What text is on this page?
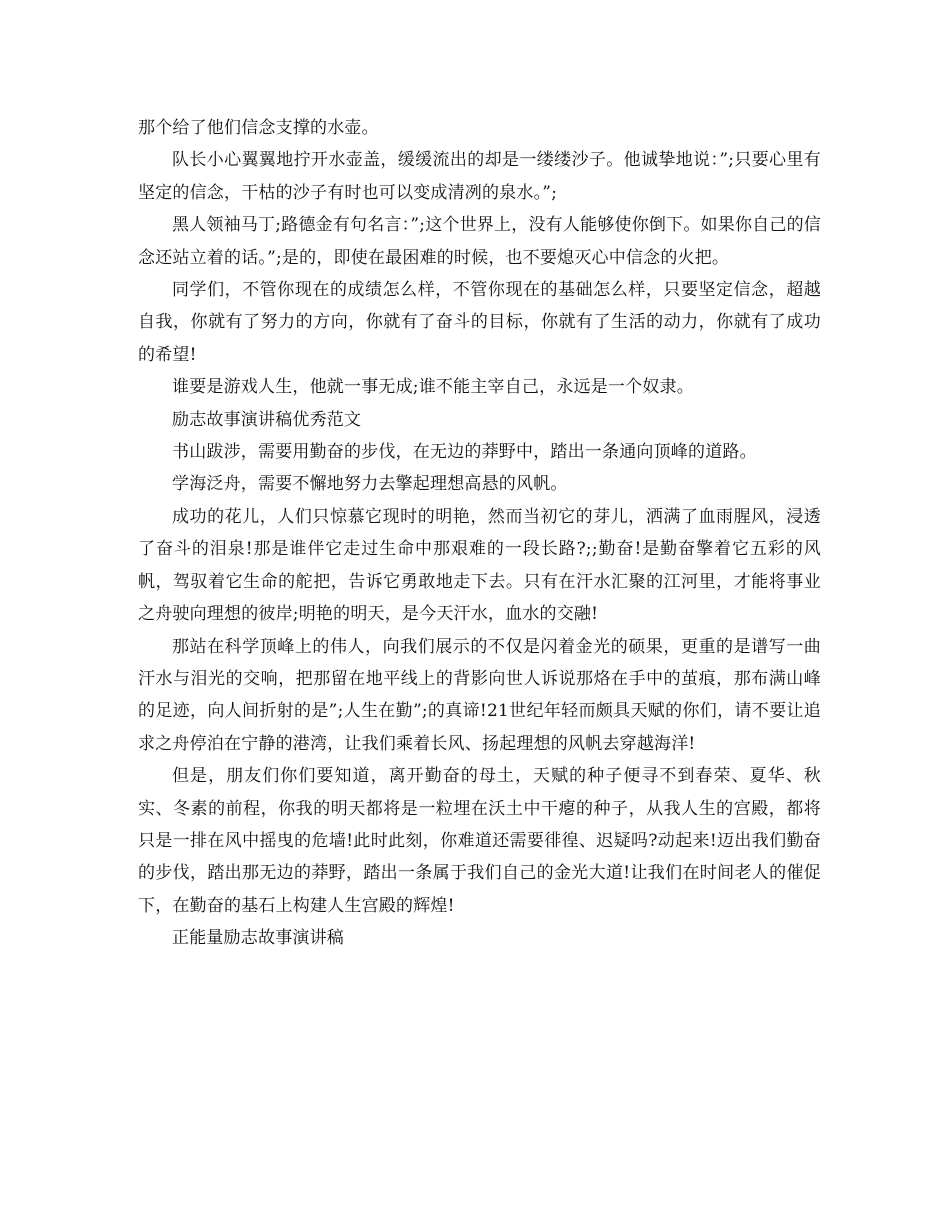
那个给了他们信念支撑的水壶。

队长小心翼翼地拧开水壶盖，缓缓流出的却是一缕缕沙子。他诚挚地说：”;只要心里有坚定的信念，干枯的沙子有时也可以变成清冽的泉水。”;

黑人领袖马丁;路德金有句名言：”;这个世界上，没有人能够使你倒下。如果你自己的信念还站立着的话。”;是的，即使在最困难的时候，也不要熄灭心中信念的火把。

同学们，不管你现在的成绩怎么样，不管你现在的基础怎么样，只要坚定信念，超越自我，你就有了努力的方向，你就有了奋斗的目标，你就有了生活的动力，你就有了成功的希望!

谁要是游戏人生，他就一事无成;谁不能主宰自己，永远是一个奴隶。

励志故事演讲稿优秀范文

书山跋涉，需要用勤奋的步伐，在无边的莽野中，踏出一条通向顶峰的道路。

学海泛舟，需要不懈地努力去擎起理想高悬的风帆。

成功的花儿，人们只惊慕它现时的明艳，然而当初它的芽儿，洒满了血雨腥风，浸透了奋斗的泪泉!那是谁伴它走过生命中那艰难的一段长路?;;勤奋!是勤奋擎着它五彩的风帆，驾驭着它生命的舵把，告诉它勇敢地走下去。只有在汗水汇聚的江河里，才能将事业之舟驶向理想的彼岸;明艳的明天，是今天汗水，血水的交融!

那站在科学顶峰上的伟人，向我们展示的不仅是闪着金光的硕果，更重的是谱写一曲汗水与泪光的交响，把那留在地平线上的背影向世人诉说那烙在手中的茧痕，那布满山峰的足迹，向人间折射的是”;人生在勤”;的真谛!21世纪年轻而颇具天赋的你们，请不要让追求之舟停泊在宁静的港湾，让我们乘着长风、扬起理想的风帆去穿越海洋!

但是，朋友们你们要知道，离开勤奋的母土，天赋的种子便寻不到春荣、夏华、秋实、冬素的前程，你我的明天都将是一粒埋在沃土中干瘪的种子，从我人生的宫殿，都将只是一排在风中摇曳的危墙!此时此刻，你难道还需要徘徨、迟疑吗?动起来!迈出我们勤奋的步伐，踏出那无边的莽野，踏出一条属于我们自己的金光大道!让我们在时间老人的催促下，在勤奋的基石上构建人生宫殿的辉煌!

正能量励志故事演讲稿
